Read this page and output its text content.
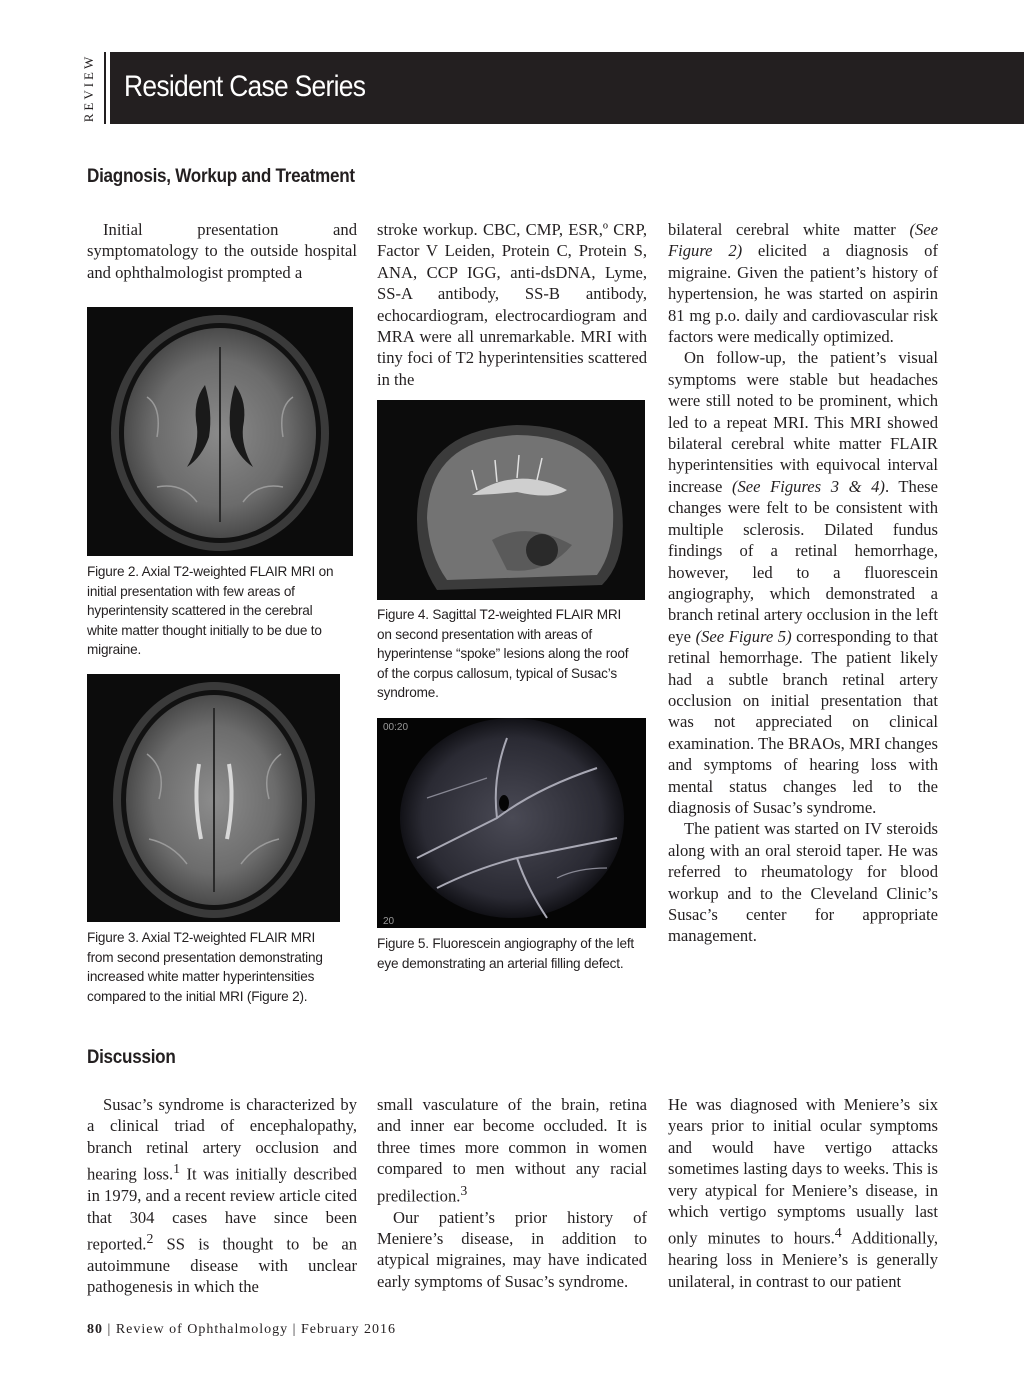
REVIEW Resident Case Series
Diagnosis, Workup and Treatment

Initial presentation and symptomatology to the outside hospital and ophthalmologist prompted a

Figure 2. Axial T2-weighted FLAIR MRI on initial presentation with few areas of hyperintensity scattered in the cerebral white matter thought initially to be due to migraine.

Figure 3. Axial T2-weighted FLAIR MRI from second presentation demonstrating increased white matter hyperintensities compared to the initial MRI (Figure 2).

stroke workup. CBC, CMP, ESR,º CRP, Factor V Leiden, Protein C, Protein S, ANA, CCP IGG, anti-dsDNA, Lyme, SS-A antibody, SS-B antibody, echocardiogram, electrocardiogram and MRA were all unremarkable. MRI with tiny foci of T2 hyperintensities scattered in the

Figure 4. Sagittal T2-weighted FLAIR MRI on second presentation with areas of hyperintense “spoke” lesions along the roof of the corpus callosum, typical of Susac’s syndrome.

00:20
20

Figure 5. Fluorescein angiography of the left eye demonstrating an arterial filling defect.

bilateral cerebral white matter (See Figure 2) elicited a diagnosis of migraine. Given the patient’s history of hypertension, he was started on aspirin 81 mg p.o. daily and cardiovascular risk factors were medically optimized.

On follow-up, the patient’s visual symptoms were stable but headaches were still noted to be prominent, which led to a repeat MRI. This MRI showed bilateral cerebral white matter FLAIR hyperintensities with equivocal interval increase (See Figures 3 & 4). These changes were felt to be consistent with multiple sclerosis. Dilated fundus findings of a retinal hemorrhage, however, led to a fluorescein angiography, which demonstrated a branch retinal artery occlusion in the left eye (See Figure 5) corresponding to that retinal hemorrhage. The patient likely had a subtle branch retinal artery occlusion on initial presentation that was not appreciated on clinical examination. The BRAOs, MRI changes and symptoms of hearing loss with mental status changes led to the diagnosis of Susac’s syndrome.

The patient was started on IV steroids along with an oral steroid taper. He was referred to rheumatology for blood workup and to the Cleveland Clinic’s Susac’s center for appropriate management.

Discussion

Susac’s syndrome is characterized by a clinical triad of encephalopathy, branch retinal artery occlusion and hearing loss.$^1$ It was initially described in 1979, and a recent review article cited that 304 cases have since been reported.$^2$ SS is thought to be an autoimmune disease with unclear pathogenesis in which the

small vasculature of the brain, retina and inner ear become occluded. It is three times more common in women compared to men without any racial predilection.$^3$

Our patient’s prior history of Meniere’s disease, in addition to atypical migraines, may have indicated early symptoms of Susac’s syndrome.

He was diagnosed with Meniere’s six years prior to initial ocular symptoms and would have vertigo attacks sometimes lasting days to weeks. This is very atypical for Meniere’s disease, in which vertigo symptoms usually last only minutes to hours.$^4$ Additionally, hearing loss in Meniere’s is generally unilateral, in contrast to our patient

80 | Review of Ophthalmology | February 2016
